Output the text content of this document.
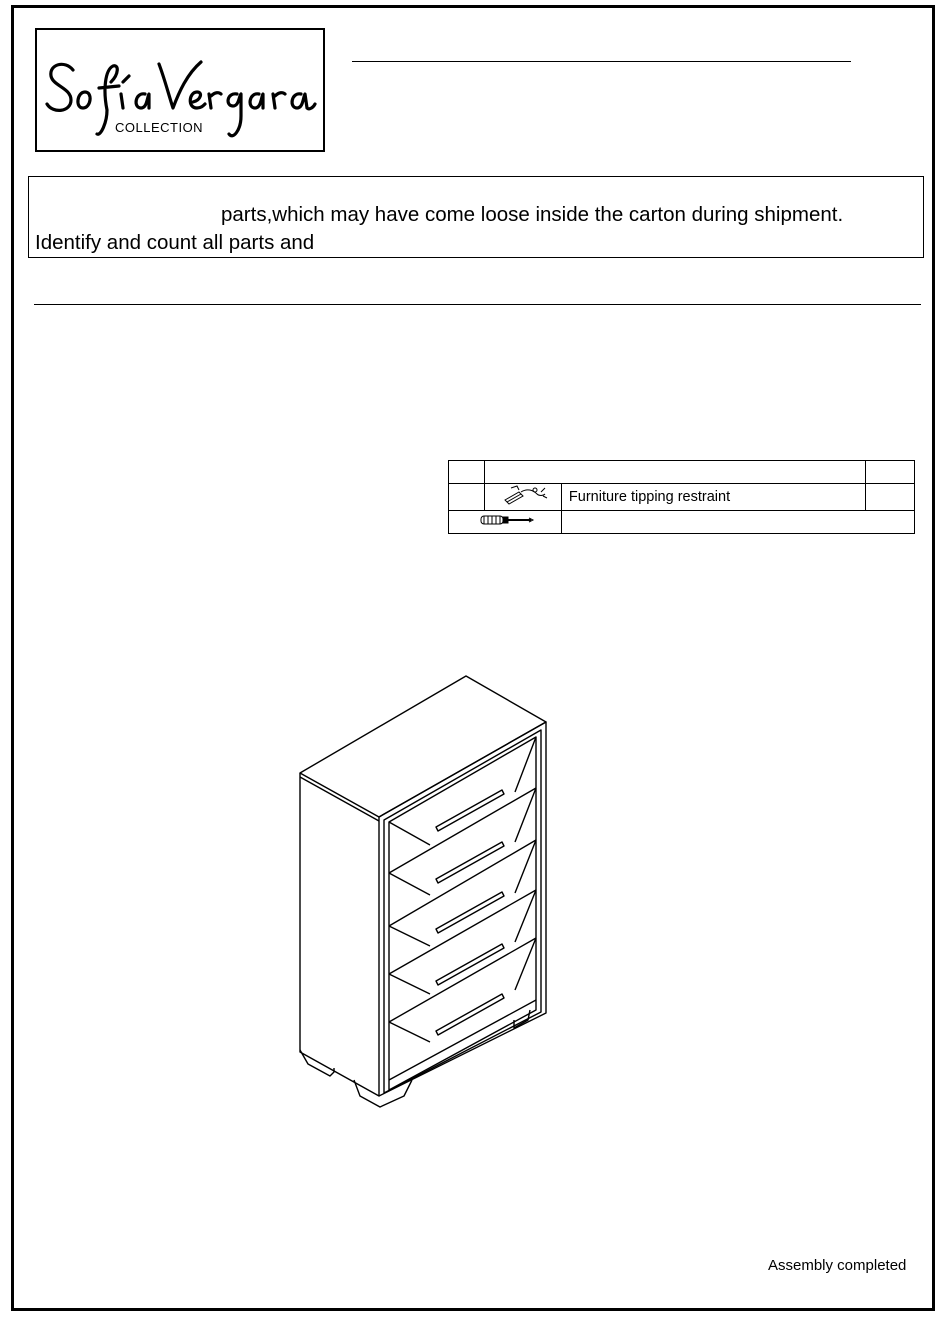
COLLECTION
parts,which may have come loose inside the carton during shipment.
Identify and count all parts and

		Furniture tipping restraint	

Assembly completed
